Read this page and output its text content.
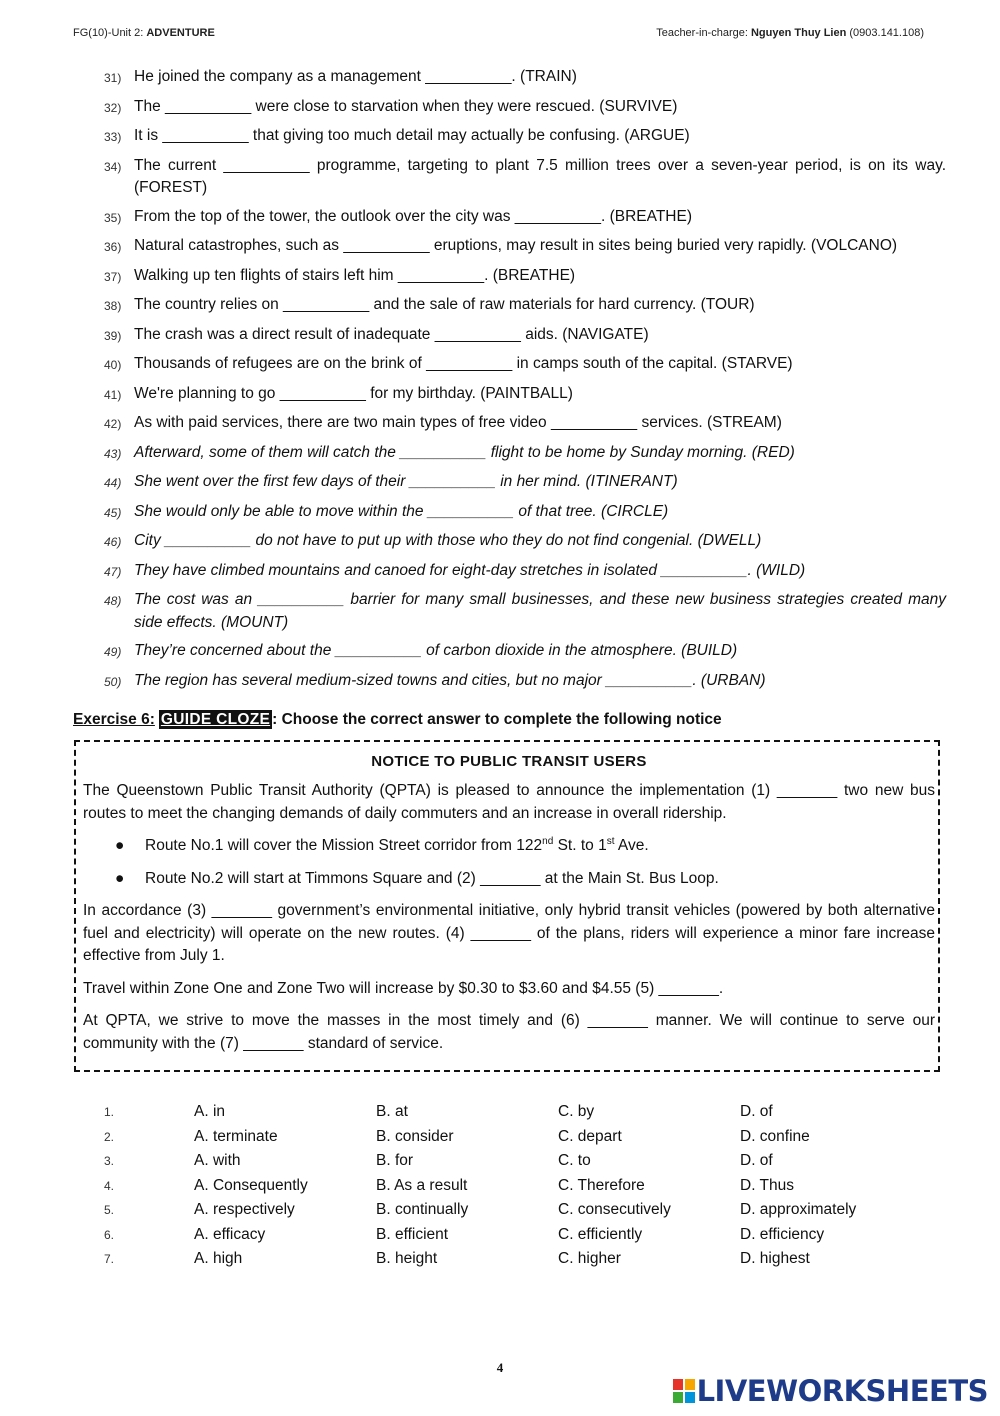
FG(10)-Unit 2: ADVENTURE	Teacher-in-charge: Nguyen Thuy Lien (0903.141.108)
31) He joined the company as a management __________. (TRAIN)
32) The __________ were close to starvation when they were rescued. (SURVIVE)
33) It is __________ that giving too much detail may actually be confusing. (ARGUE)
34) The current __________ programme, targeting to plant 7.5 million trees over a seven-year period, is on its way. (FOREST)
35) From the top of the tower, the outlook over the city was __________. (BREATHE)
36) Natural catastrophes, such as __________ eruptions, may result in sites being buried very rapidly. (VOLCANO)
37) Walking up ten flights of stairs left him __________. (BREATHE)
38) The country relies on __________ and the sale of raw materials for hard currency. (TOUR)
39) The crash was a direct result of inadequate __________ aids. (NAVIGATE)
40) Thousands of refugees are on the brink of __________ in camps south of the capital. (STARVE)
41) We're planning to go __________ for my birthday. (PAINTBALL)
42) As with paid services, there are two main types of free video __________ services. (STREAM)
43) Afterward, some of them will catch the __________ flight to be home by Sunday morning. (RED)
44) She went over the first few days of their __________ in her mind. (ITINERANT)
45) She would only be able to move within the __________ of that tree. (CIRCLE)
46) City __________ do not have to put up with those who they do not find congenial. (DWELL)
47) They have climbed mountains and canoed for eight-day stretches in isolated __________. (WILD)
48) The cost was an __________ barrier for many small businesses, and these new business strategies created many side effects. (MOUNT)
49) They’re concerned about the __________ of carbon dioxide in the atmosphere. (BUILD)
50) The region has several medium-sized towns and cities, but no major __________. (URBAN)
Exercise 6: GUIDE CLOZE : Choose the correct answer to complete the following notice
NOTICE TO PUBLIC TRANSIT USERS

The Queenstown Public Transit Authority (QPTA) is pleased to announce the implementation (1) _______ two new bus routes to meet the changing demands of daily commuters and an increase in overall ridership.

●	Route No.1 will cover the Mission Street corridor from 122nd St. to 1st Ave.
●	Route No.2 will start at Timmons Square and (2) _______ at the Main St. Bus Loop.

In accordance (3) _______ government’s environmental initiative, only hybrid transit vehicles (powered by both alternative fuel and electricity) will operate on the new routes. (4) _______ of the plans, riders will experience a minor fare increase effective from July 1.

Travel within Zone One and Zone Two will increase by $0.30 to $3.60 and $4.55 (5) _______.

At QPTA, we strive to move the masses in the most timely and (6) _______ manner. We will continue to serve our community with the (7) _______ standard of service.

1.	A. in	B. at	C. by	D. of
2.	A. terminate	B. consider	C. depart	D. confine
3.	A. with	B. for	C. to	D. of
4.	A. Consequently	B. As a result	C. Therefore	D. Thus
5.	A. respectively	B. continually	C. consecutively	D. approximately
6.	A. efficacy	B. efficient	C. efficiently	D. efficiency
7.	A. high	B. height	C. higher	D. highest
4
LIVEWORKSHEETS
